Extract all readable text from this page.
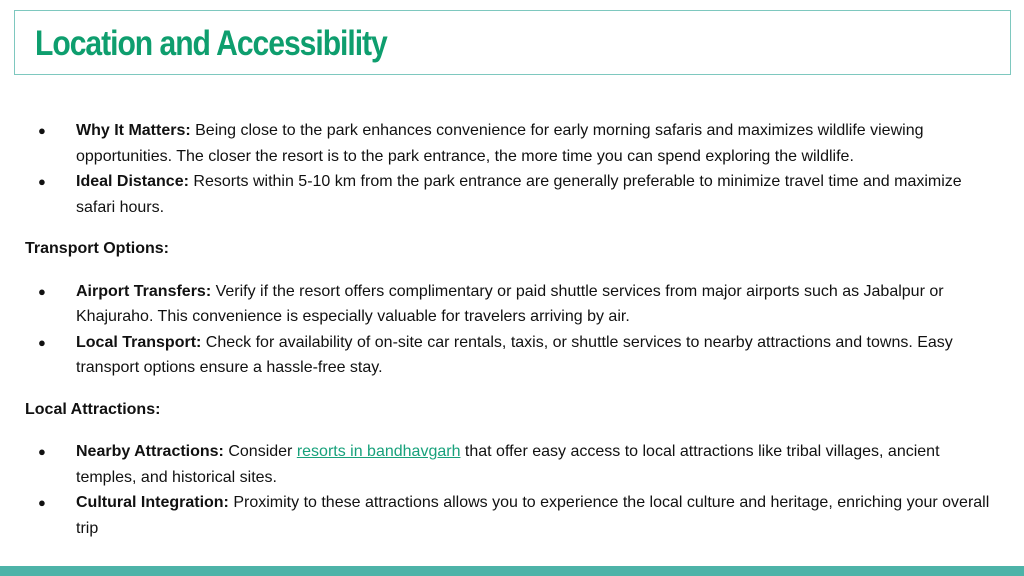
Location and Accessibility
● Why It Matters: Being close to the park enhances convenience for early morning safaris and maximizes wildlife viewing opportunities. The closer the resort is to the park entrance, the more time you can spend exploring the wildlife.
● Ideal Distance: Resorts within 5-10 km from the park entrance are generally preferable to minimize travel time and maximize safari hours.

Transport Options:

● Airport Transfers: Verify if the resort offers complimentary or paid shuttle services from major airports such as Jabalpur or Khajuraho. This convenience is especially valuable for travelers arriving by air.
● Local Transport: Check for availability of on-site car rentals, taxis, or shuttle services to nearby attractions and towns. Easy transport options ensure a hassle-free stay.

Local Attractions:

● Nearby Attractions: Consider resorts in bandhavgarh that offer easy access to local attractions like tribal villages, ancient temples, and historical sites.
● Cultural Integration: Proximity to these attractions allows you to experience the local culture and heritage, enriching your overall trip
